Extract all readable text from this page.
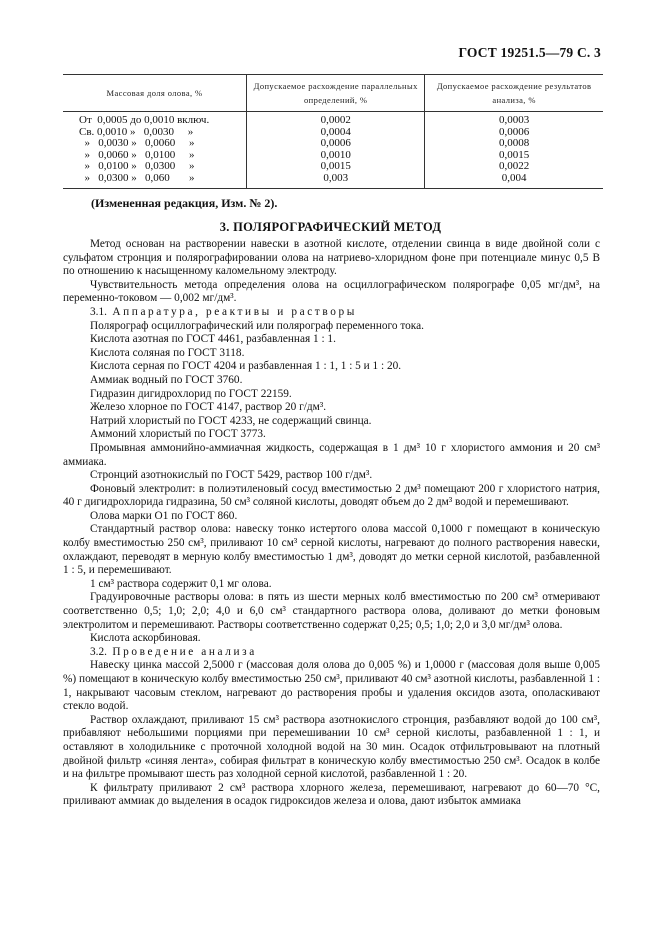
ГОСТ 19251.5—79 С. 3
Массовая доля олова, %	Допускаемое расхождение параллельных определений, %	Допускаемое расхождение результатов анализа, %
От  0,0005 до 0,0010 включ.	0,0002	0,0003
Св. 0,0010 »   0,0030     »	0,0004	0,0006
»   0,0030 »   0,0060     »	0,0006	0,0008
»   0,0060 »   0,0100     »	0,0010	0,0015
»   0,0100 »   0,0300     »	0,0015	0,0022
»   0,0300 »   0,060       »	0,003	0,004
(Измененная редакция, Изм. № 2).
3. ПОЛЯРОГРАФИЧЕСКИЙ МЕТОД

Метод основан на растворении навески в азотной кислоте, отделении свинца в виде двойной соли с сульфатом стронция и полярографировании олова на натриево-хлоридном фоне при потенциале минус 0,5 В по отношению к насыщенному каломельному электроду.

Чувствительность метода определения олова на осциллографическом полярографе 0,05 мг/дм³, на переменно-токовом — 0,002 мг/дм³.

3.1. Аппаратура, реактивы и растворы

Полярограф осциллографический или полярограф переменного тока.

Кислота азотная по ГОСТ 4461, разбавленная 1 : 1.

Кислота соляная по ГОСТ 3118.

Кислота серная по ГОСТ 4204 и разбавленная 1 : 1, 1 : 5 и 1 : 20.

Аммиак водный по ГОСТ 3760.

Гидразин дигидрохлорид по ГОСТ 22159.

Железо хлорное по ГОСТ 4147, раствор 20 г/дм³.

Натрий хлористый по ГОСТ 4233, не содержащий свинца.

Аммоний хлористый по ГОСТ 3773.

Промывная аммонийно-аммиачная жидкость, содержащая в 1 дм³ 10 г хлористого аммония и 20 см³ аммиака.

Стронций азотнокислый по ГОСТ 5429, раствор 100 г/дм³.

Фоновый электролит: в полиэтиленовый сосуд вместимостью 2 дм³ помещают 200 г хлористого натрия, 40 г дигидрохлорида гидразина, 50 см³ соляной кислоты, доводят объем до 2 дм³ водой и перемешивают.

Олова марки О1 по ГОСТ 860.

Стандартный раствор олова: навеску тонко истертого олова массой 0,1000 г помещают в коническую колбу вместимостью 250 см³, приливают 10 см³ серной кислоты, нагревают до полного растворения навески, охлаждают, переводят в мерную колбу вместимостью 1 дм³, доводят до метки серной кислотой, разбавленной 1 : 5, и перемешивают.

1 см³ раствора содержит 0,1 мг олова.

Градуировочные растворы олова: в пять из шести мерных колб вместимостью по 200 см³ отмеривают соответственно 0,5; 1,0; 2,0; 4,0 и 6,0 см³ стандартного раствора олова, доливают до метки фоновым электролитом и перемешивают. Растворы соответственно содержат 0,25; 0,5; 1,0; 2,0 и 3,0 мг/дм³ олова.

Кислота аскорбиновая.

3.2. Проведение анализа

Навеску цинка массой 2,5000 г (массовая доля олова до 0,005 %) и 1,0000 г (массовая доля выше 0,005 %) помещают в коническую колбу вместимостью 250 см³, приливают 40 см³ азотной кислоты, разбавленной 1 : 1, накрывают часовым стеклом, нагревают до растворения пробы и удаления оксидов азота, ополаскивают стекло водой.

Раствор охлаждают, приливают 15 см³ раствора азотнокислого стронция, разбавляют водой до 100 см³, прибавляют небольшими порциями при перемешивании 10 см³ серной кислоты, разбавленной 1 : 1, и оставляют в холодильнике с проточной холодной водой на 30 мин. Осадок отфильтровывают на плотный двойной фильтр «синяя лента», собирая фильтрат в коническую колбу вместимостью 250 см³. Осадок в колбе и на фильтре промывают шесть раз холодной серной кислотой, разбавленной 1 : 20.

К фильтрату приливают 2 см³ раствора хлорного железа, перемешивают, нагревают до 60—70 °С, приливают аммиак до выделения в осадок гидроксидов железа и олова, дают избыток аммиака
